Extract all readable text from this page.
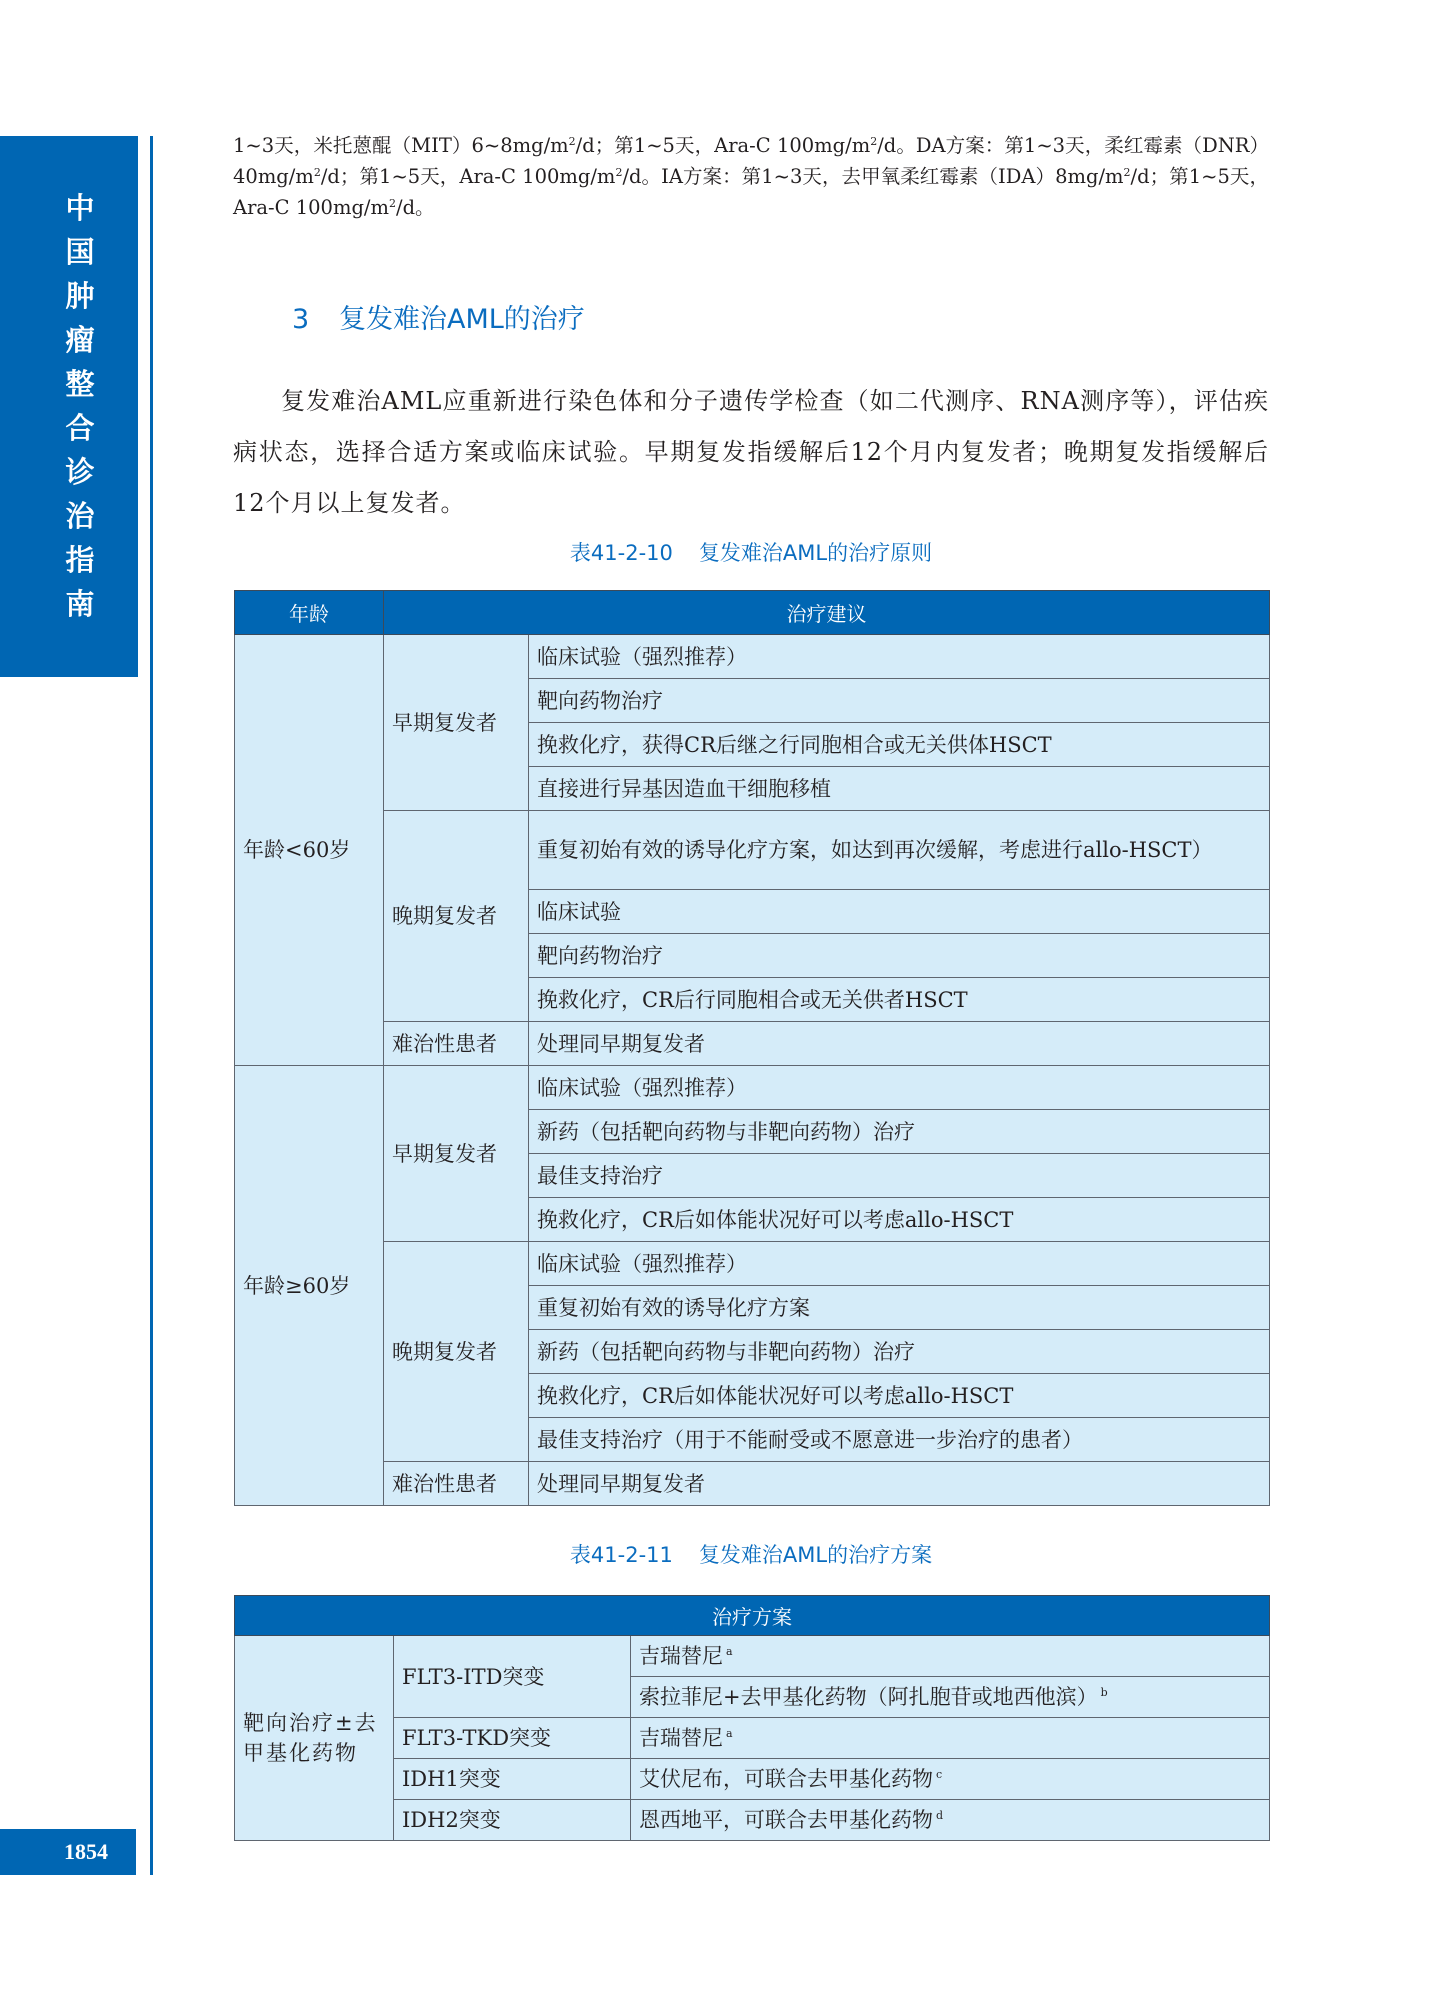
中
国
肿
瘤
整
合
诊
治
指
南
1854
1~3天，米托蒽醌$(MIT)6\sim 8mg/m^2/d$；第1~5天，Ara-C $100mg/m^2/d$。DA方案：第1~3天，柔红霉素$(DNR)40mg/m^2/d$；第1~5天，Ara-C $100mg/m^2/d$。IA方案：第1~3天，去甲氧柔红霉素$(IDA)8mg/m^2/d$；第1~5天，Ara-C $100mg/m^2/d$。
3 复发难治AML的治疗
复发难治AML应重新进行染色体和分子遗传学检查（如二代测序、RNA测序等），评估疾病状态，选择合适方案或临床试验。早期复发指缓解后12个月内复发者；晚期复发指缓解后12个月以上复发者。
表41-2-10 复发难治AML的治疗原则
年龄	治疗建议	
年龄<60岁	早期复发者	临床试验（强烈推荐）
		靶向药物治疗
		挽救化疗，获得CR后继之行同胞相合或无关供体HSCT
		直接进行异基因造血干细胞移植
	晚期复发者	重复初始有效的诱导化疗方案，如达到再次缓解，考虑进行allo-HSCT）
		临床试验
		靶向药物治疗
		挽救化疗，CR后行同胞相合或无关供者HSCT
	难治性患者	处理同早期复发者
年龄≥60岁	早期复发者	临床试验（强烈推荐）
		新药（包括靶向药物与非靶向药物）治疗
		最佳支持治疗
		挽救化疗，CR后如体能状况好可以考虑allo-HSCT
	晚期复发者	临床试验（强烈推荐）
		重复初始有效的诱导化疗方案
		新药（包括靶向药物与非靶向药物）治疗
		挽救化疗，CR后如体能状况好可以考虑allo-HSCT
		最佳支持治疗（用于不能耐受或不愿意进一步治疗的患者）
	难治性患者	处理同早期复发者
表41-2-11 复发难治AML的治疗方案
治疗方案		
靶向治疗±去甲基化药物	FLT3-ITD突变	吉瑞替尼 $^a$
		索拉菲尼+去甲基化药物（阿扎胞苷或地西他滨） $^b$
	FLT3-TKD突变	吉瑞替尼 $^a$
	IDH1突变	艾伏尼布，可联合去甲基化药物 $^c$
	IDH2突变	恩西地平，可联合去甲基化药物 $^d$
